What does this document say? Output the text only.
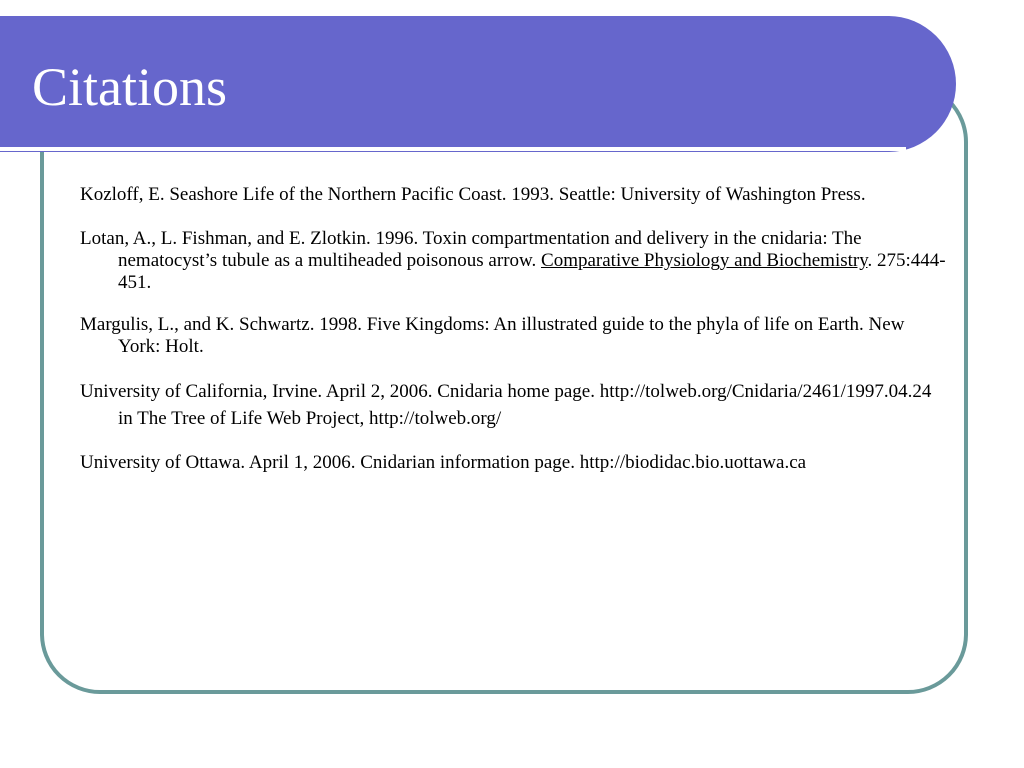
Citations

Kozloff, E. Seashore Life of the Northern Pacific Coast. 1993. Seattle: University of Washington Press.

Lotan, A., L. Fishman, and E. Zlotkin. 1996. Toxin compartmentation and delivery in the cnidaria: The nematocyst’s tubule as a multiheaded poisonous arrow. Comparative Physiology and Biochemistry. 275:444-451.

Margulis, L., and K. Schwartz. 1998. Five Kingdoms: An illustrated guide to the phyla of life on Earth. New York: Holt.

University of California, Irvine. April 2, 2006. Cnidaria home page. http://tolweb.org/Cnidaria/2461/1997.04.24 in The Tree of Life Web Project, http://tolweb.org/

University of Ottawa. April 1, 2006. Cnidarian information page. http://biodidac.bio.uottawa.ca
